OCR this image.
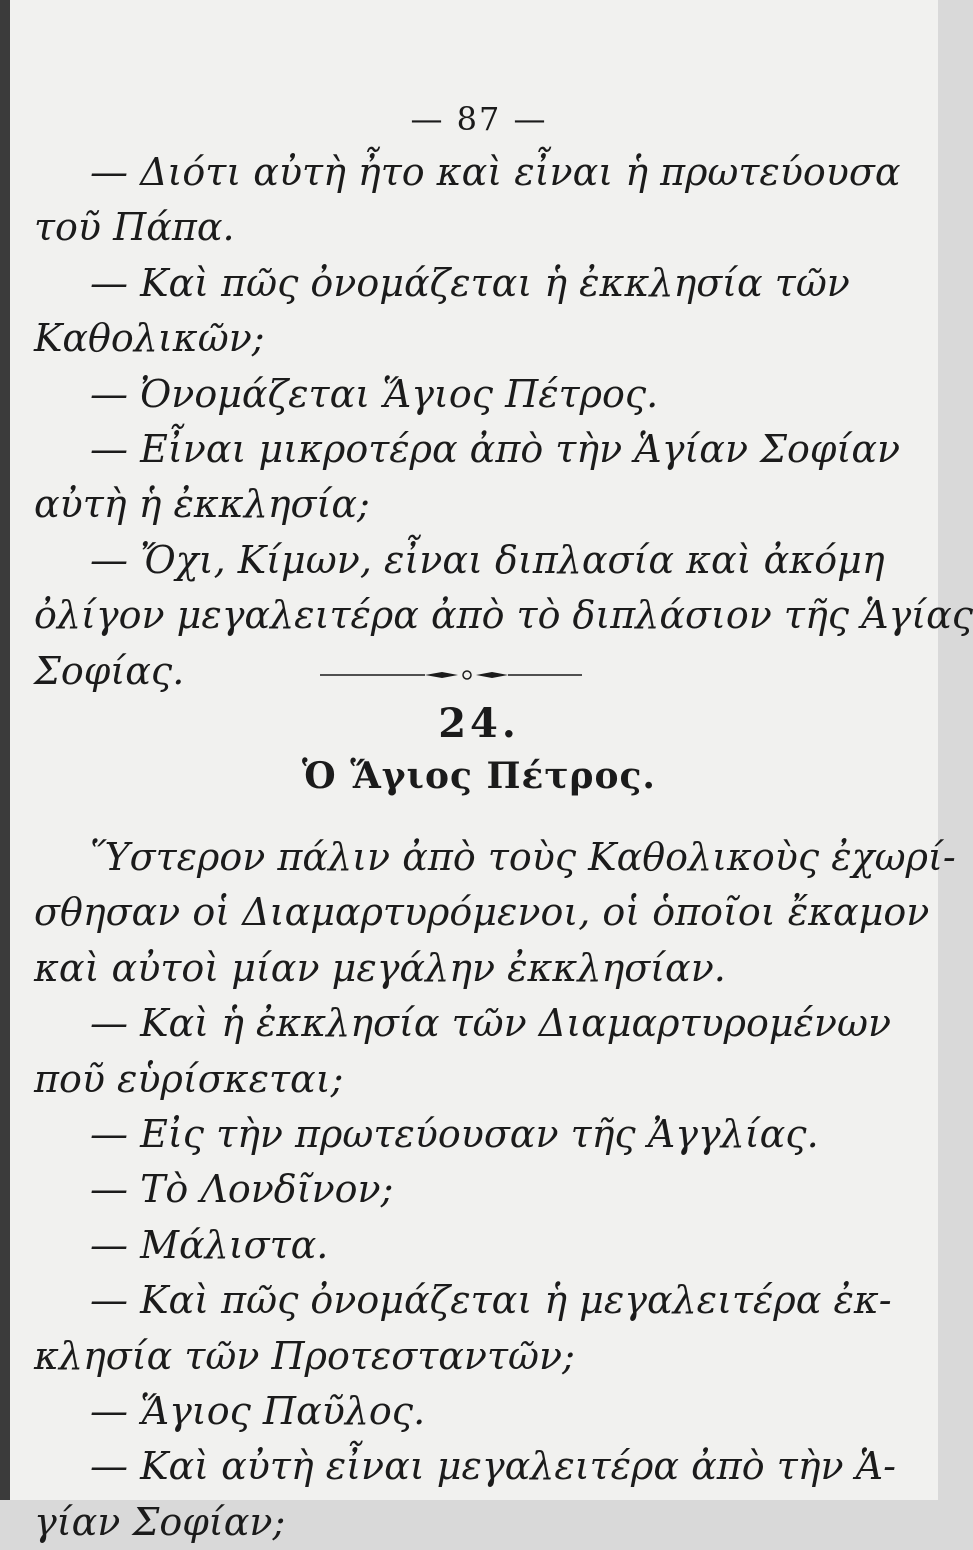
— 87 —
— Διότι αὐτὴ ἦτο καὶ εἶναι ἡ πρωτεύουσα
τοῦ Πάπα.
— Καὶ πῶς ὀνομάζεται ἡ ἐκκλησία τῶν
Καθολικῶν;
— Ὀνομάζεται Ἅγιος Πέτρος.
— Εἶναι μικροτέρα ἀπὸ τὴν Ἁγίαν Σοφίαν
αὐτὴ ἡ ἐκκλησία;
— Ὄχι, Κίμων, εἶναι διπλασία καὶ ἀκόμη
ὀλίγον μεγαλειτέρα ἀπὸ τὸ διπλάσιον τῆς Ἁγίας
Σοφίας.
24.
Ὁ Ἅγιος Πέτρος.
Ὕστερον πάλιν ἀπὸ τοὺς Καθολικοὺς ἐχωρί-
σθησαν οἱ Διαμαρτυρόμενοι, οἱ ὁποῖοι ἔκαμον
καὶ αὐτοὶ μίαν μεγάλην ἐκκλησίαν.
— Καὶ ἡ ἐκκλησία τῶν Διαμαρτυρομένων
ποῦ εὑρίσκεται;
— Εἰς τὴν πρωτεύουσαν τῆς Ἀγγλίας.
— Τὸ Λονδῖνον;
— Μάλιστα.
— Καὶ πῶς ὀνομάζεται ἡ μεγαλειτέρα ἐκ-
κλησία τῶν Προτεσταντῶν;
— Ἅγιος Παῦλος.
— Καὶ αὐτὴ εἶναι μεγαλειτέρα ἀπὸ τὴν Ἁ-
γίαν Σοφίαν;
